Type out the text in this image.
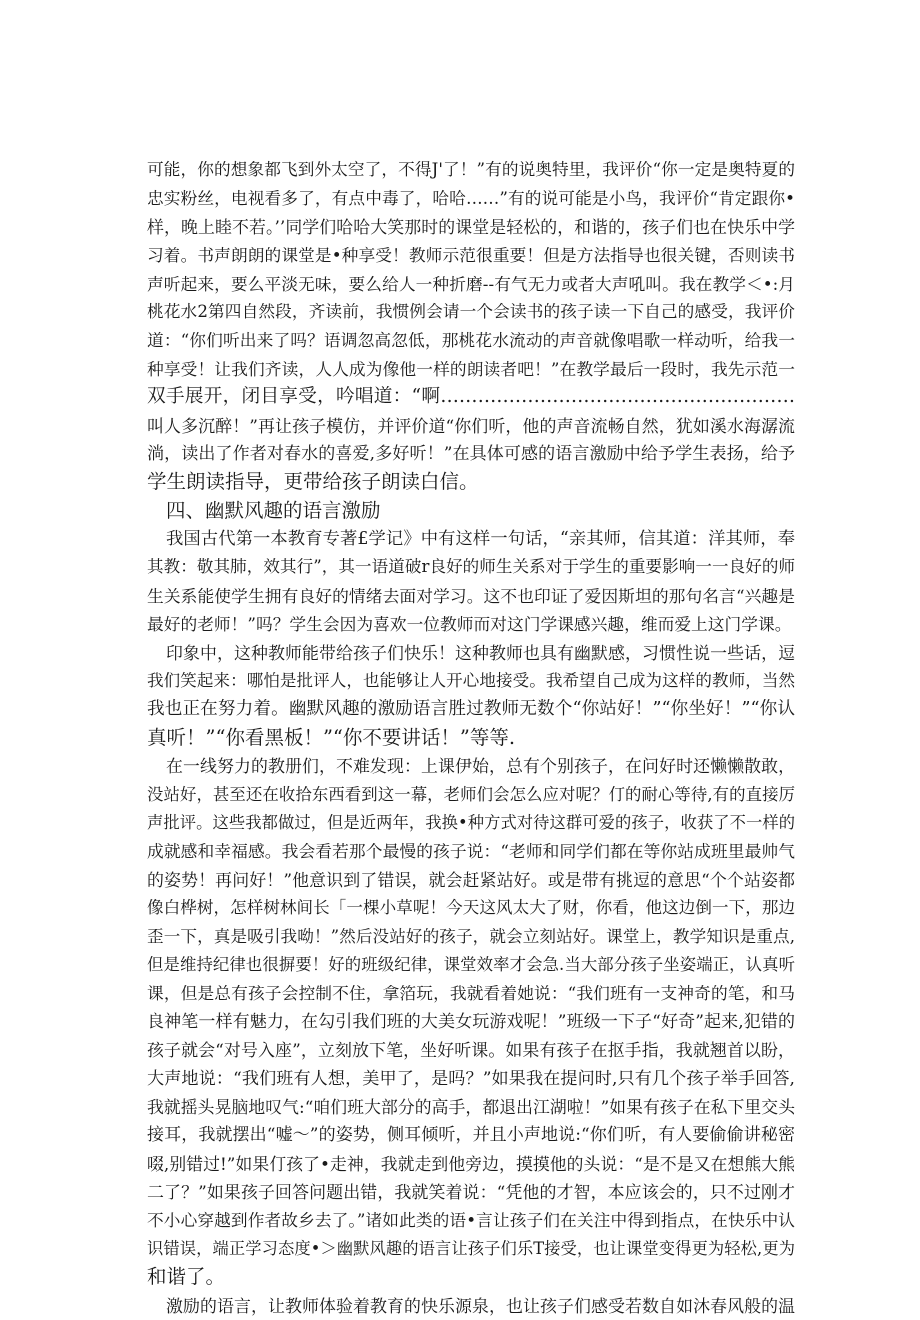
可能，你的想象都飞到外太空了，不得J'了！”有的说奥特里，我评价“你一定是奥特夏的
忠实粉丝，电视看多了，有点中毒了，哈哈……”有的说可能是小鸟，我评价“肯定跟你•
样，晚上睦不若。’’同学们哈哈大笑那时的课堂是轻松的，和谐的，孩子们也在快乐中学
习着。书声朗朗的课堂是•种享受！教师示范很重要！但是方法指导也很关键，否则读书
声听起来，要么平淡无味，要么给人一种折磨--有气无力或者大声吼叫。我在教学＜•:月
桃花水2第四自然段，齐读前，我惯例会请一个会读书的孩子读一下自己的感受，我评价
道：“你们听出来了吗？语调忽高忽低，那桃花水流动的声音就像唱歌一样动听，给我一
种享受！让我们齐读，人人成为像他一样的朗读者吧！”在教学最后一段时，我先示范一
双手展开，闭目享受，吟唱道：“啊…………………………………………………
叫人多沉醉！”再让孩子模仿，并评价道“你们听，他的声音流畅自然，犹如溪水海潺流
淌，读出了作者对春水的喜爱,多好听！”在具体可感的语言激励中给予学生表扬，给予
学生朗读指导，更带给孩子朗读白信。
四、幽默风趣的语言激励
我国古代第一本教育专著£学记》中有这样一句话，“亲其师，信其道：洋其师，奉
其教：敬其肺，效其行”，其一语道破r良好的师生关系对于学生的重要影响一一良好的师
生关系能使学生拥有良好的情绪去面对学习。这不也印证了爱因斯坦的那句名言“兴趣是
最好的老师！”吗？学生会因为喜欢一位教师而对这门学课感兴趣，维而爱上这门学课。
印象中，这种教师能带给孩子们快乐！这种教师也具有幽默感，习惯性说一些话，逗
我们笑起来：哪怕是批评人，也能够让人开心地接受。我希望自己成为这样的教师，当然
我也正在努力着。幽默风趣的激励语言胜过教师无数个“你站好！”“你坐好！”“你认
真听！”“你看黑板！”“你不要讲话！”等等.
在一线努力的教册们，不难发现：上课伊始，总有个别孩子，在问好时还懒懒散敢，
没站好，甚至还在收拾东西看到这一幕，老师们会怎么应对呢？仃的耐心等待,有的直接厉
声批评。这些我都做过，但是近两年，我换•种方式对待这群可爱的孩子，收获了不一样的
成就感和幸福感。我会看若那个最慢的孩子说：“老师和同学们都在等你站成班里最帅气
的姿势！再问好！”他意识到了错误，就会赶紧站好。或是带有挑逗的意思“个个站姿都
像白桦树，怎样树林间长「一棵小草呢！今天这风太大了财，你看，他这边倒一下，那边
歪一下，真是吸引我呦！”然后没站好的孩子，就会立刻站好。课堂上，教学知识是重点,
但是维持纪律也很摒要！好的班级纪律，课堂效率才会急.当大部分孩子坐姿端正，认真听
课，但是总有孩子会控制不住，拿箔玩，我就看着她说：“我们班有一支神奇的笔，和马
良神笔一样有魅力，在勾引我们班的大美女玩游戏呢！”班级一下子“好奇”起来,犯错的
孩子就会“对号入座”，立刻放下笔，坐好听课。如果有孩子在抠手指，我就翘首以盼，
大声地说：“我们班有人想，美甲了，是吗？”如果我在提问时,只有几个孩子举手回答,
我就摇头晃脑地叹气:“咱们班大部分的高手，都退出江湖啦！”如果有孩子在私下里交头
接耳，我就摆出“嘘～”的姿势，侧耳倾听，并且小声地说:“你们听，有人要偷偷讲秘密
啜,别错过!”如果仃孩了•走神，我就走到他旁边，摸摸他的头说：“是不是又在想熊大熊
二了？”如果孩子回答问题出错，我就笑着说：“凭他的才智，本应该会的，只不过刚才
不小心穿越到作者故乡去了。”诸如此类的语•言让孩子们在关注中得到指点，在快乐中认
识错误，端正学习态度•＞幽默风趣的语言让孩子们乐T接受，也让课堂变得更为轻松,更为
和谐了。
激励的语言，让教师体验着教育的快乐源泉，也让孩子们感受若数自如沐春风般的温
